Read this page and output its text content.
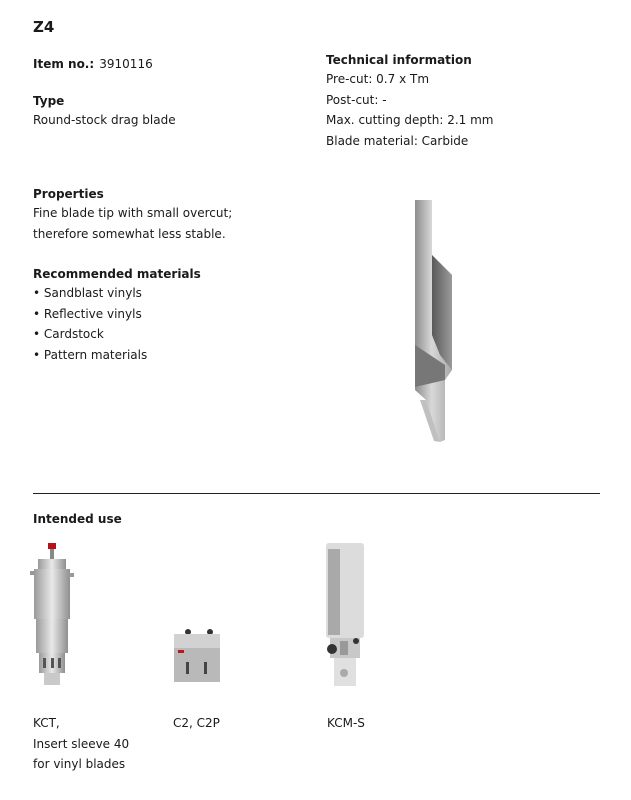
Z4
Item no.: 3910116
Type
Round-stock drag blade
Technical information
Pre-cut: 0.7 x Tm
Post-cut: -
Max. cutting depth: 2.1 mm
Blade material: Carbide
Properties
Fine blade tip with small overcut;
therefore somewhat less stable.
Recommended materials
• Sandblast vinyls
• Reflective vinyls
• Cardstock
• Pattern materials
Intended use
KCT,
Insert sleeve 40
for vinyl blades
C2, C2P	KCM-S
